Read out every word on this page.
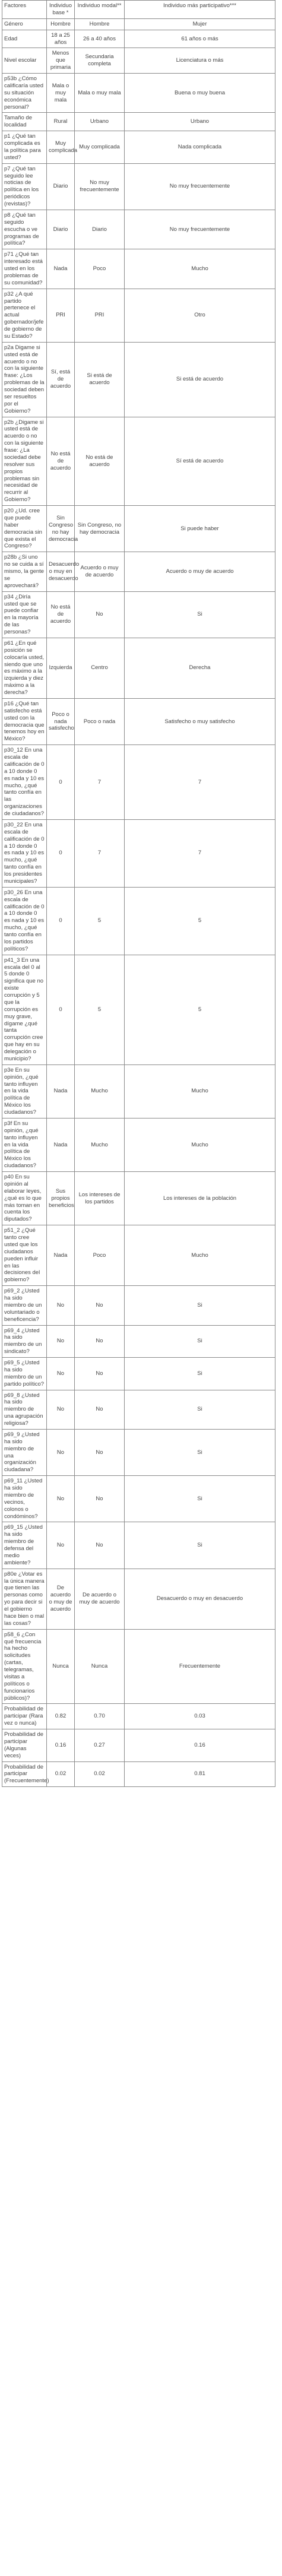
Factores	Individuo base *	Individuo modal**	Individuo más participativo***
Género	Hombre	Hombre	Mujer
Edad	18 a 25 años	26 a 40 años	61 años o más
Nivel escolar	Menos que primaria	Secundaria completa	Licenciatura o más
p53b ¿Cómo calificaría usted su situación económica personal?	Mala o muy mala	Mala o muy mala	Buena o muy buena
Tamaño de localidad	Rural	Urbano	Urbano
p1 ¿Qué tan complicada es la política para usted?	Muy complicada	Muy complicada	Nada complicada
p7 ¿Qué tan seguido lee noticias de política en los periódicos (revistas)?	Diario	No muy frecuentemente	No muy frecuentemente
p8 ¿Qué tan seguido escucha o ve programas de política?	Diario	Diario	No muy frecuentemente
p71 ¿Qué tan interesado está usted en los problemas de su comunidad?	Nada	Poco	Mucho
p32 ¿A qué partido pertenece el actual gobernador/jefe de gobierno de su Estado?	PRI	PRI	Otro
p2a Digame si usted está de acuerdo o no con la siguiente frase: ¿Los problemas de la sociedad deben ser resueltos por el Gobierno?	Sí, está de acuerdo	Si está de acuerdo	Si está de acuerdo
p2b ¿Digame si usted está de acuerdo o no con la siguiente frase: ¿La sociedad debe resolver sus propios problemas sin necesidad de recurrir al Gobierno?	No está de acuerdo	No está de acuerdo	Sí está de acuerdo
p20 ¿Ud. cree que puede haber democracia sin que exista el Congreso?	Sin Congreso no hay democracia	Sin Congreso, no hay democracia	Si puede haber
p28b ¿Si uno no se cuida a sí mismo, la gente se aprovechará?	Desacuerdo o muy en desacuerdo	Acuerdo o muy de acuerdo	Acuerdo o muy de acuerdo
p34 ¿Diría usted que se puede confiar en la mayoría de las personas?	No está de acuerdo	No	Si
p61 ¿En qué posición se colocaría usted, siendo que uno es máximo a la izquierda y diez máximo a la derecha?	Izquierda	Centro	Derecha
p16 ¿Qué tan satisfecho está usted con la democracia que tenemos hoy en México?	Poco o nada satisfecho	Poco o nada	Satisfecho o muy satisfecho
p30_12 En una escala de calificación de 0 a 10 donde 0 es nada y 10 es mucho, ¿qué tanto confía en las organizaciones de ciudadanos?	0	7	7
p30_22 En una escala de calificación de 0 a 10 donde 0 es nada y 10 es mucho, ¿qué tanto confía en los presidentes municipales?	0	7	7
p30_26 En una escala de calificación de 0 a 10 donde 0 es nada y 10 es mucho, ¿qué tanto confía en los partidos políticos?	0	5	5
p41_3 En una escala del 0 al 5 donde 0 significa que no existe corrupción y 5 que la corrupción es muy grave, dígame ¿qué tanta corrupción cree que hay en su delegación o municipio?	0	5	5
p3e En su opinión, ¿qué tanto influyen en la vida política de México los ciudadanos?	Nada	Mucho	Mucho
p3f En su opinión, ¿qué tanto influyen en la vida política de México los ciudadanos?	Nada	Mucho	Mucho
p40 En su opinión al elaborar leyes, ¿qué es lo que más toman en cuenta los diputados?	Sus propios beneficios	Los intereses de los partidos	Los intereses de la población
p51_2 ¿Qué tanto cree usted que los ciudadanos pueden influir en las decisiones del gobierno?	Nada	Poco	Mucho
p69_2 ¿Usted ha sido miembro de un voluntariado o beneficencia?	No	No	Si
p69_4 ¿Usted ha sido miembro de un sindicato?	No	No	Si
p69_5 ¿Usted ha sido miembro de un partido político?	No	No	Si
p69_8 ¿Usted ha sido miembro de una agrupación religiosa?	No	No	Si
p69_9 ¿Usted ha sido miembro de una organización ciudadana?	No	No	Si
p69_11 ¿Usted ha sido miembro de vecinos, colonos o condóminos?	No	No	Si
p69_15 ¿Usted ha sido miembro de defensa del medio ambiente?	No	No	Si
p80e ¿Votar es la única manera que tienen las personas como yo para decir si el gobierno hace bien o mal las cosas?	De acuerdo o muy de acuerdo	De acuerdo o muy de acuerdo	Desacuerdo o muy en desacuerdo
p58_6 ¿Con qué frecuencia ha hecho solicitudes (cartas, telegramas, visitas a políticos o funcionarios públicos)?	Nunca	Nunca	Frecuentemente
Probabilidad de participar (Rara vez o nunca)	0.82	0.70	0.03
Probabilidad de participar (Algunas veces)	0.16	0.27	0.16
Probabilidad de participar (Frecuentemente)	0.02	0.02	0.81
